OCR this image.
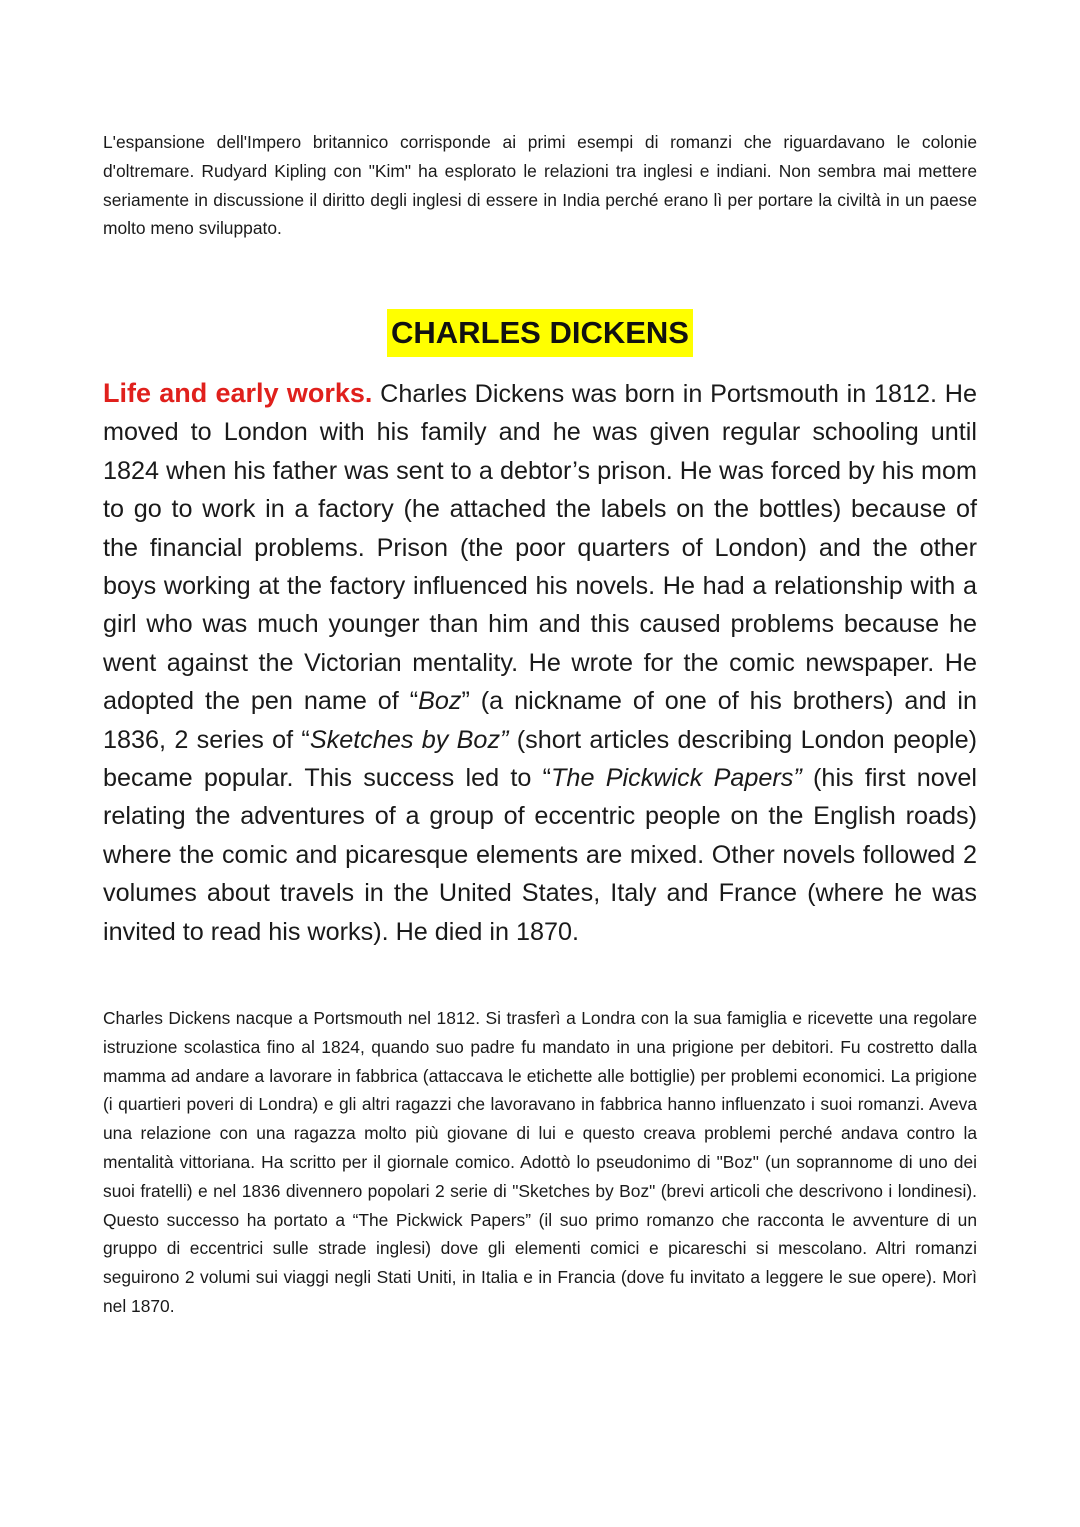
L'espansione dell'Impero britannico corrisponde ai primi esempi di romanzi che riguardavano le colonie d'oltremare. Rudyard Kipling con "Kim" ha esplorato le relazioni tra inglesi e indiani. Non sembra mai mettere seriamente in discussione il diritto degli inglesi di essere in India perché erano lì per portare la civiltà in un paese molto meno sviluppato.

CHARLES DICKENS

Life and early works. Charles Dickens was born in Portsmouth in 1812. He moved to London with his family and he was given regular schooling until 1824 when his father was sent to a debtor’s prison. He was forced by his mom to go to work in a factory (he attached the labels on the bottles) because of the financial problems. Prison (the poor quarters of London) and the other boys working at the factory influenced his novels. He had a relationship with a girl who was much younger than him and this caused problems because he went against the Victorian mentality. He wrote for the comic newspaper. He adopted the pen name of “Boz” (a nickname of one of his brothers) and in 1836, 2 series of “Sketches by Boz” (short articles describing London people) became popular. This success led to “The Pickwick Papers” (his first novel relating the adventures of a group of eccentric people on the English roads) where the comic and picaresque elements are mixed. Other novels followed 2 volumes about travels in the United States, Italy and France (where he was invited to read his works). He died in 1870.

Charles Dickens nacque a Portsmouth nel 1812. Si trasferì a Londra con la sua famiglia e ricevette una regolare istruzione scolastica fino al 1824, quando suo padre fu mandato in una prigione per debitori. Fu costretto dalla mamma ad andare a lavorare in fabbrica (attaccava le etichette alle bottiglie) per problemi economici. La prigione (i quartieri poveri di Londra) e gli altri ragazzi che lavoravano in fabbrica hanno influenzato i suoi romanzi. Aveva una relazione con una ragazza molto più giovane di lui e questo creava problemi perché andava contro la mentalità vittoriana. Ha scritto per il giornale comico. Adottò lo pseudonimo di "Boz" (un soprannome di uno dei suoi fratelli) e nel 1836 divennero popolari 2 serie di "Sketches by Boz" (brevi articoli che descrivono i londinesi). Questo successo ha portato a “The Pickwick Papers” (il suo primo romanzo che racconta le avventure di un gruppo di eccentrici sulle strade inglesi) dove gli elementi comici e picareschi si mescolano. Altri romanzi seguirono 2 volumi sui viaggi negli Stati Uniti, in Italia e in Francia (dove fu invitato a leggere le sue opere). Morì nel 1870.
